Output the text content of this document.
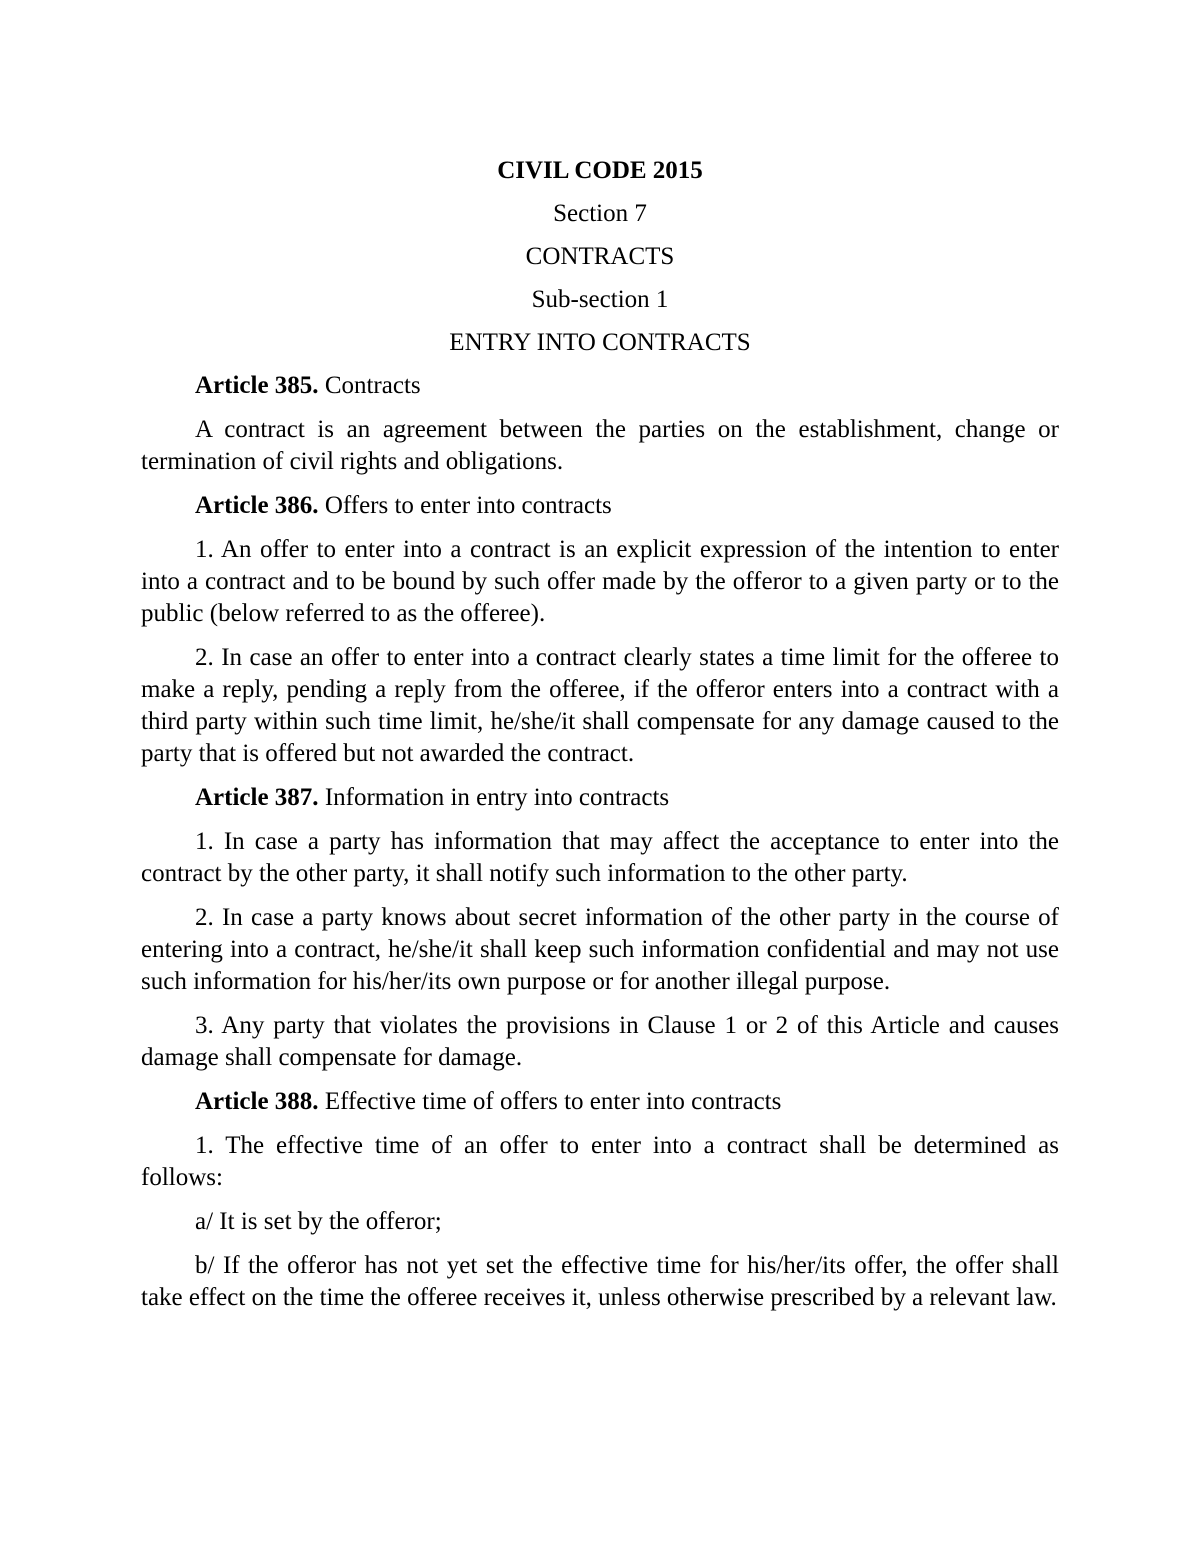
CIVIL CODE 2015
Section 7
CONTRACTS
Sub-section 1
ENTRY INTO CONTRACTS

Article 385. Contracts

A contract is an agreement between the parties on the establishment, change or termination of civil rights and obligations.

Article 386. Offers to enter into contracts

1. An offer to enter into a contract is an explicit expression of the intention to enter into a contract and to be bound by such offer made by the offeror to a given party or to the public (below referred to as the offeree).

2. In case an offer to enter into a contract clearly states a time limit for the offeree to make a reply, pending a reply from the offeree, if the offeror enters into a contract with a third party within such time limit, he/she/it shall compensate for any damage caused to the party that is offered but not awarded the contract.

Article 387. Information in entry into contracts

1. In case a party has information that may affect the acceptance to enter into the contract by the other party, it shall notify such information to the other party.

2. In case a party knows about secret information of the other party in the course of entering into a contract, he/she/it shall keep such information confidential and may not use such information for his/her/its own purpose or for another illegal purpose.

3. Any party that violates the provisions in Clause 1 or 2 of this Article and causes damage shall compensate for damage.

Article 388. Effective time of offers to enter into contracts

1. The effective time of an offer to enter into a contract shall be determined as follows:

a/ It is set by the offeror;

b/ If the offeror has not yet set the effective time for his/her/its offer, the offer shall take effect on the time the offeree receives it, unless otherwise prescribed by a relevant law.
